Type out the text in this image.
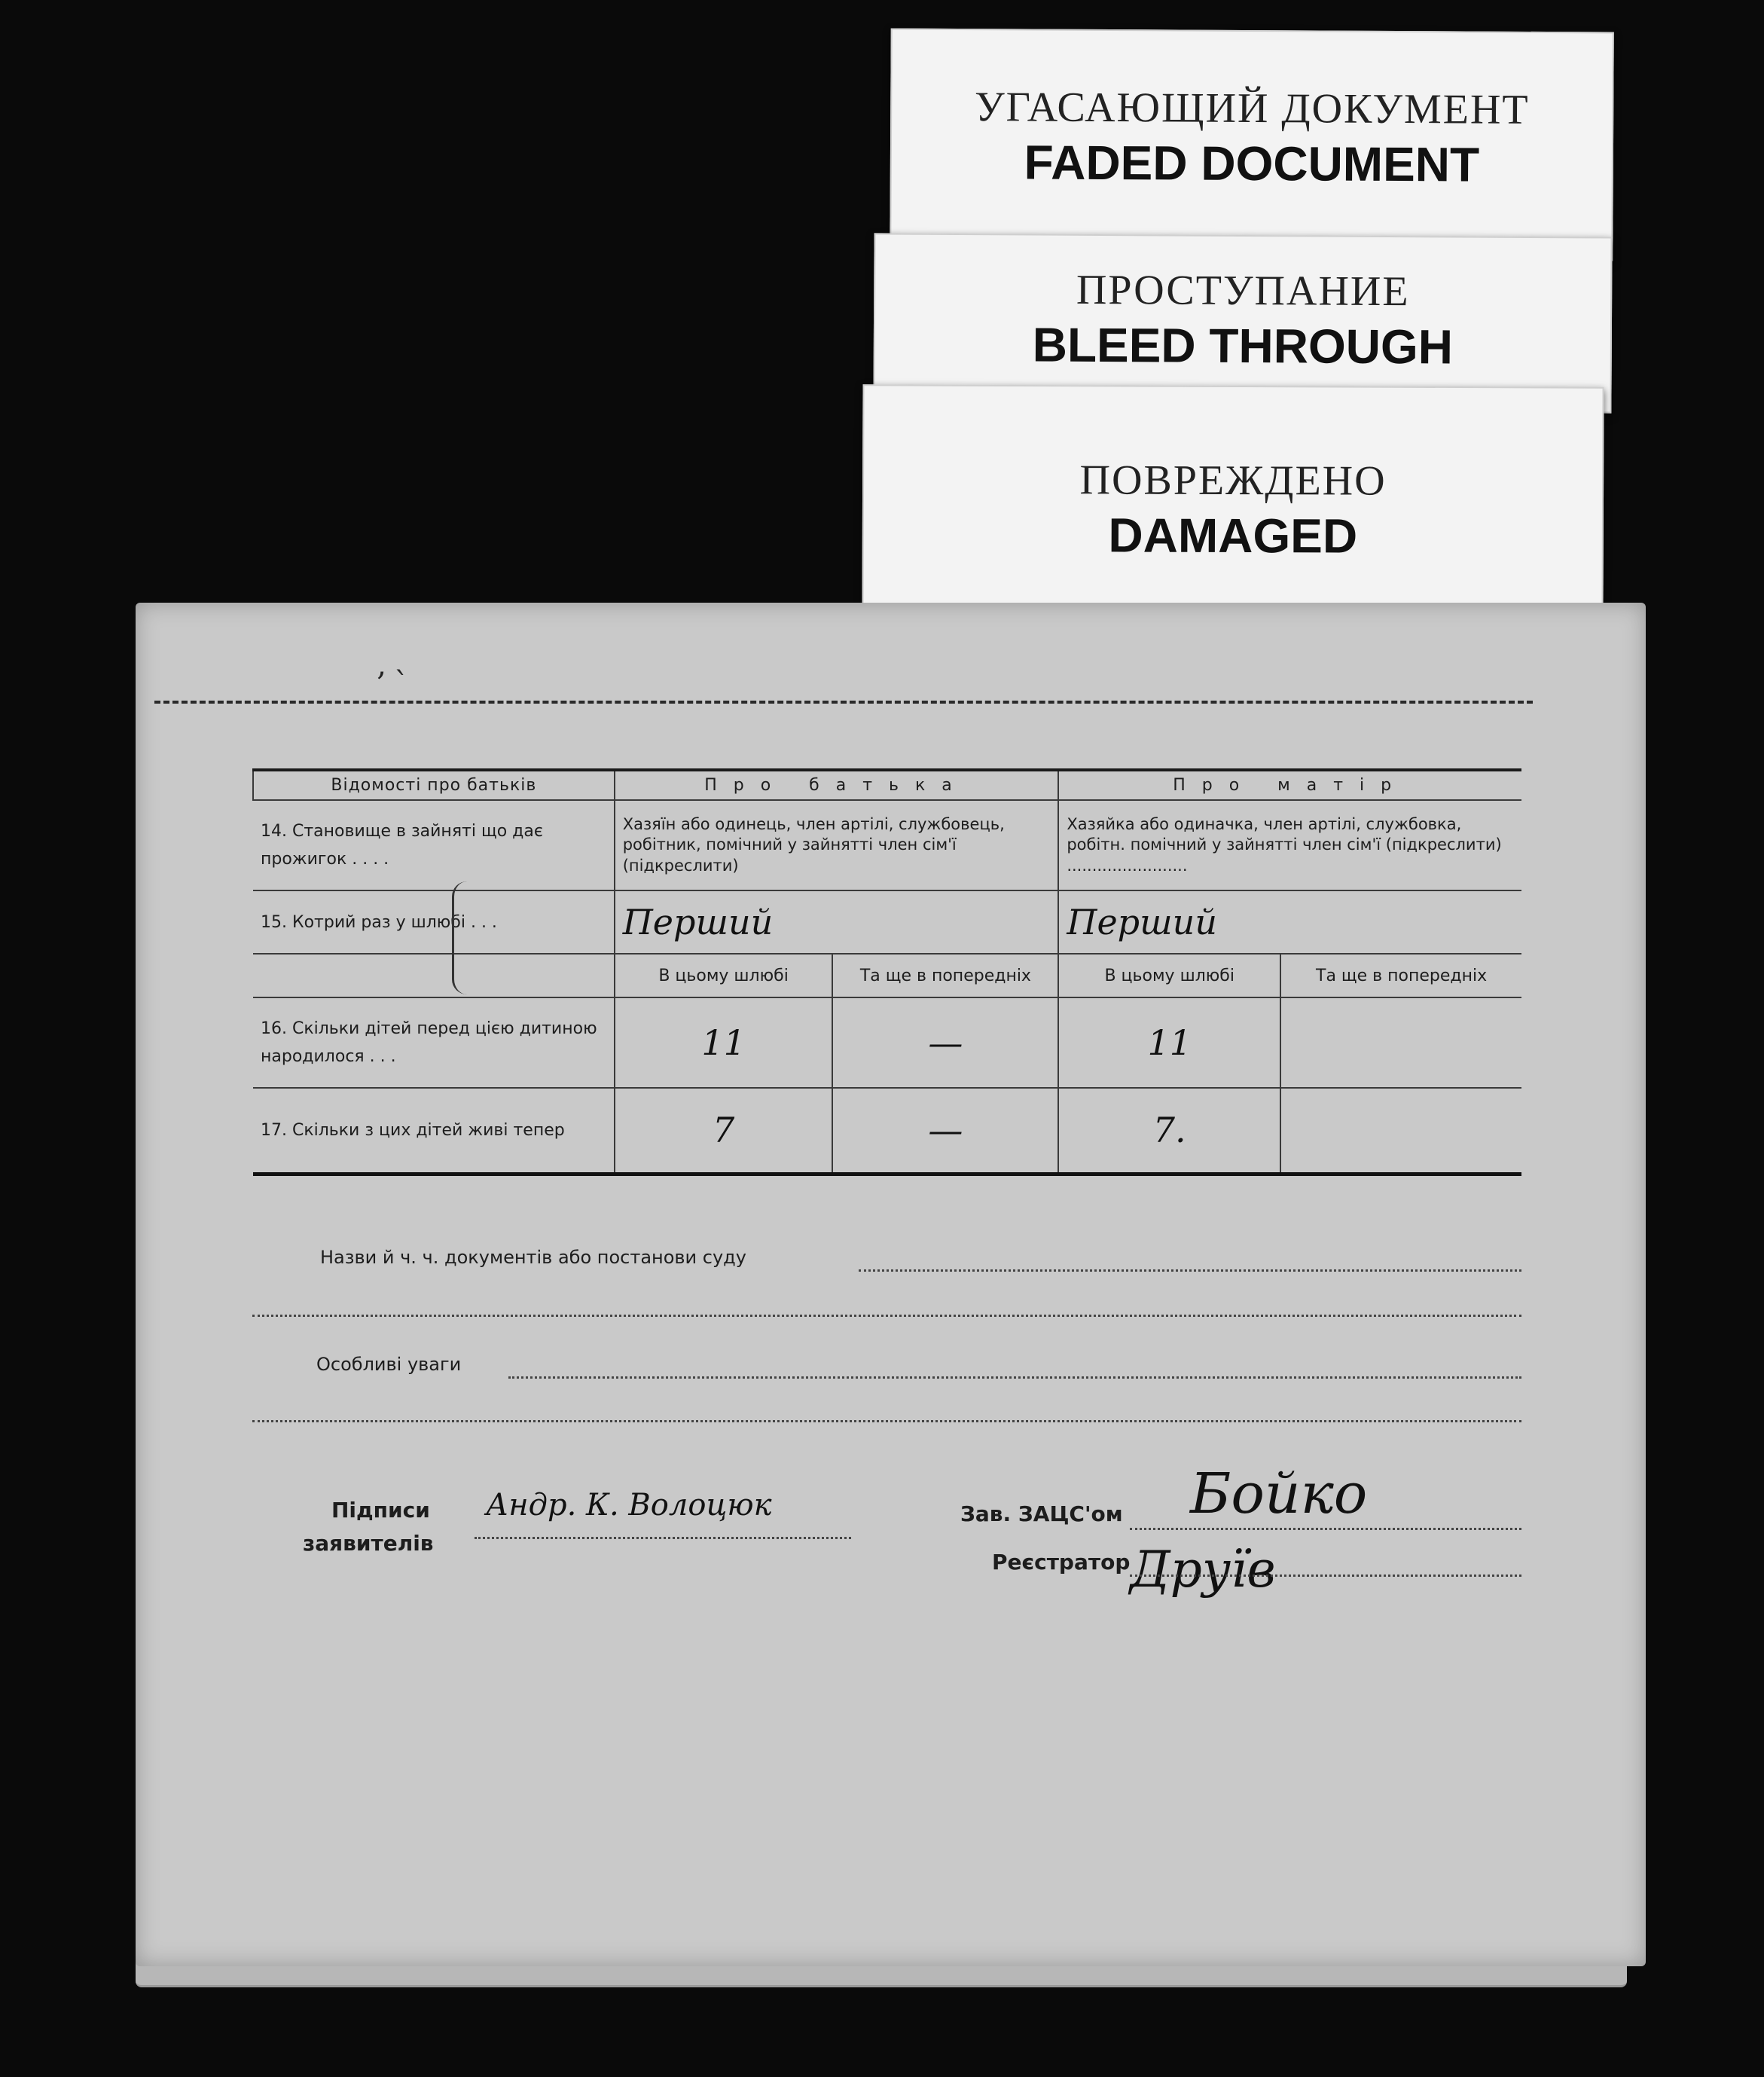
УГАСАЮЩИЙ ДОКУМЕНТ
FADED DOCUMENT
ПРОСТУПАНИЕ
BLEED THROUGH
ПОВРЕЖДЕНО
DAMAGED
՚ ՝
Відомості про батьків	Про батька		Про матір	
14. Становище в зайняті що дає прожигок . . . .	Хазяїн або одинець, член артілі, службовець, робітник, помічний у зайнятті член сім'ї (підкреслити)		Хазяйка або одиначка, член артілі, службовка, робітн. помічний у зайнятті член сім'ї (підкреслити) ........................	
15. Котрий раз у шлюбі . . .	Перший		Перший	
	В цьому шлюбі	Та ще в попередніх	В цьому шлюбі	Та ще в попередніх
16. Скільки дітей перед цією дитиною народилося . . .	11	—	11	
17. Скільки з цих дітей живі тепер	7	—	7.	
Назви й ч. ч. документів або постанови суду
Особливі уваги
Підписи
заявителів
Андр. К. Волоцюк	Зав. ЗАЦС'ом Бойко
Реєстратор Друїв
